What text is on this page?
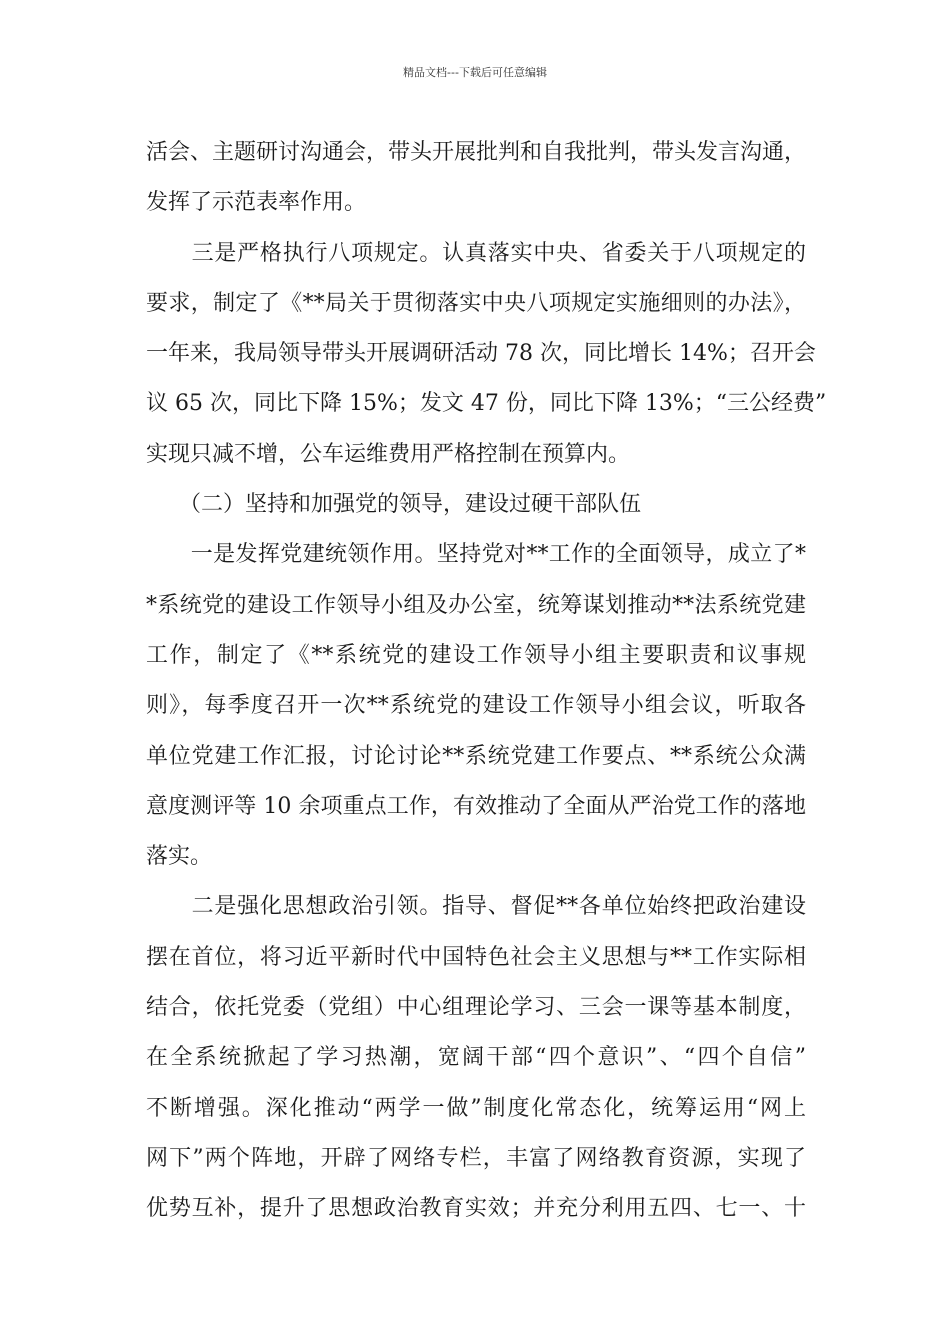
精品文档---下载后可任意编辑
活会、主题研讨沟通会，带头开展批判和自我批判，带头发言沟通，
发挥了示范表率作用。
　　三是严格执行八项规定。认真落实中央、省委关于八项规定的
要求，制定了《**局关于贯彻落实中央八项规定实施细则的办法》，
一年来，我局领导带头开展调研活动 78 次，同比增长 14%；召开会
议 65 次，同比下降 15%；发文 47 份，同比下降 13%；“三公经费”
实现只减不增，公车运维费用严格控制在预算内。
　　（二）坚持和加强党的领导，建设过硬干部队伍
　　一是发挥党建统领作用。坚持党对**工作的全面领导，成立了*
*系统党的建设工作领导小组及办公室，统筹谋划推动**法系统党建
工作，制定了《**系统党的建设工作领导小组主要职责和议事规
则》，每季度召开一次**系统党的建设工作领导小组会议，听取各
单位党建工作汇报，讨论讨论**系统党建工作要点、**系统公众满
意度测评等 10 余项重点工作，有效推动了全面从严治党工作的落地
落实。
　　二是强化思想政治引领。指导、督促**各单位始终把政治建设
摆在首位，将习近平新时代中国特色社会主义思想与**工作实际相
结合，依托党委（党组）中心组理论学习、三会一课等基本制度，
在全系统掀起了学习热潮，宽阔干部“四个意识”、“四个自信”
不断增强。深化推动“两学一做”制度化常态化，统筹运用“网上
网下”两个阵地，开辟了网络专栏，丰富了网络教育资源，实现了
优势互补，提升了思想政治教育实效；并充分利用五四、七一、十
